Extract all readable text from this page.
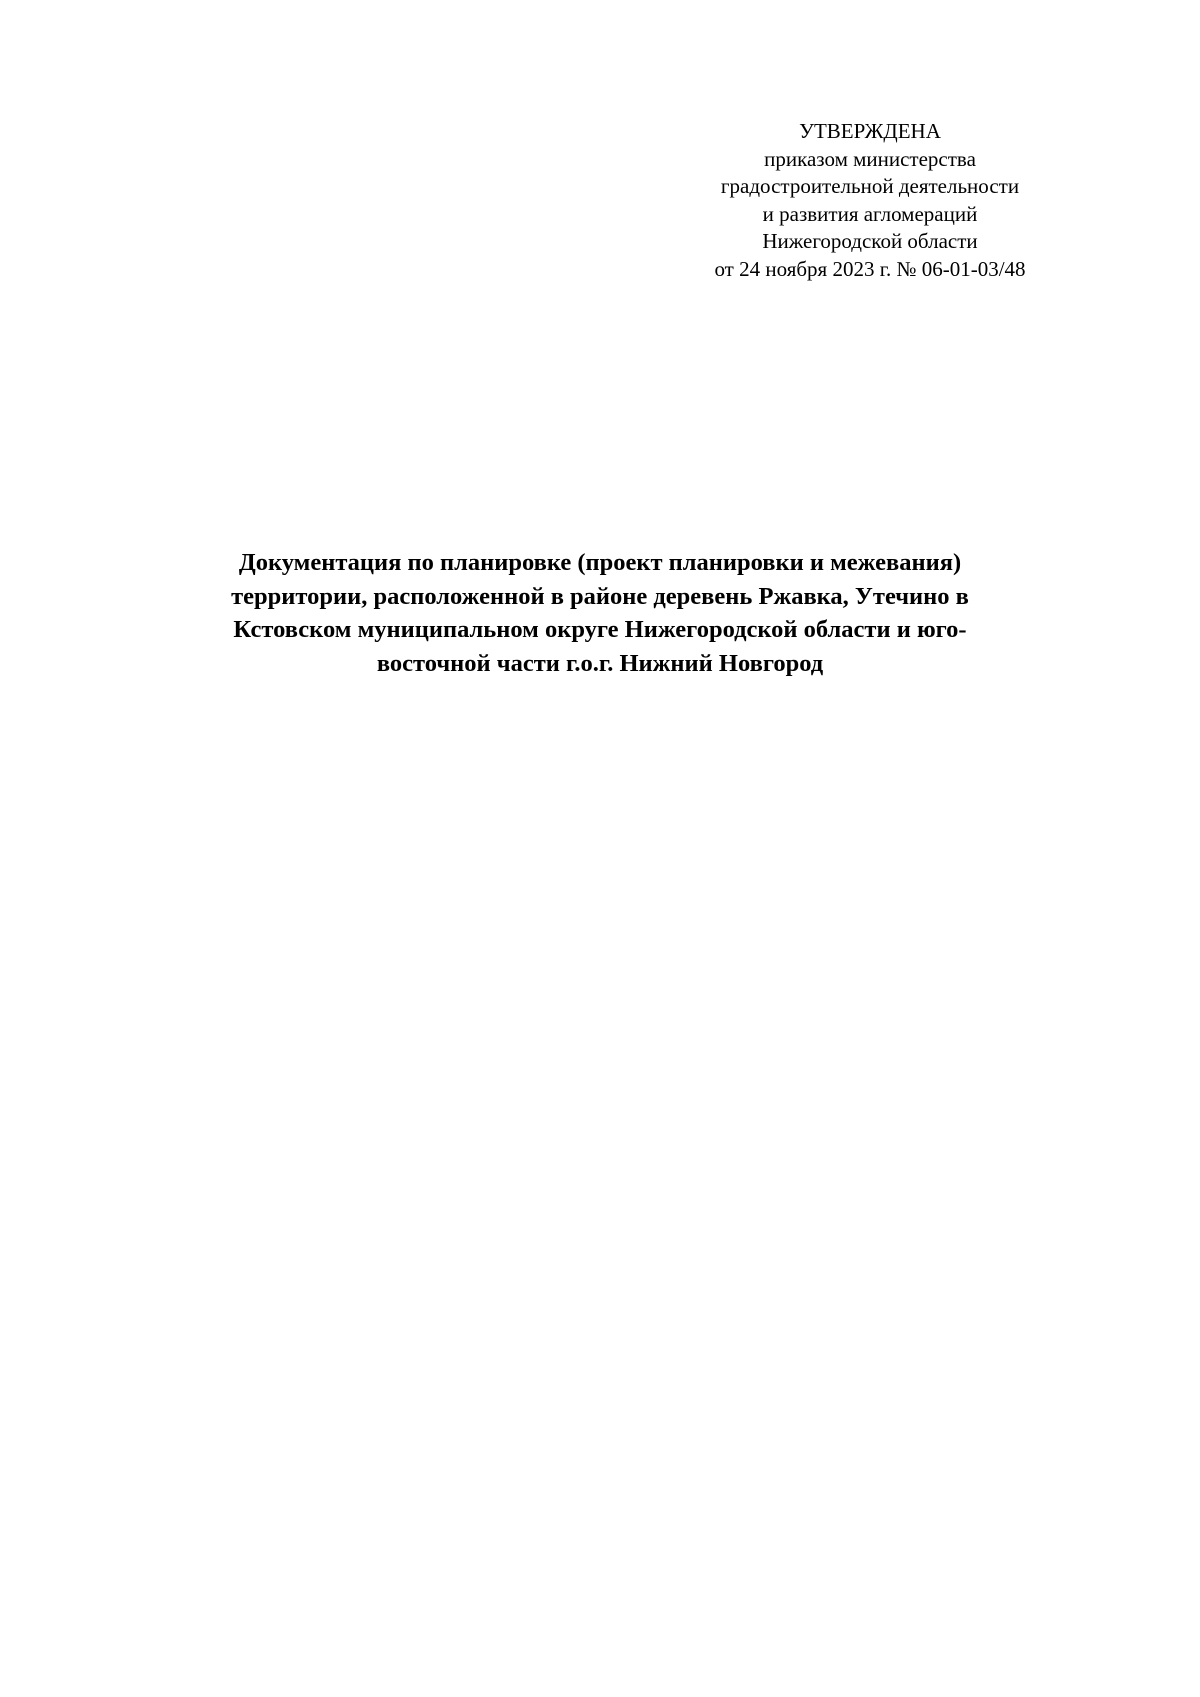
УТВЕРЖДЕНА
приказом министерства
градостроительной деятельности
и развития агломераций
Нижегородской области
от 24 ноября 2023 г. № 06-01-03/48
Документация по планировке (проект планировки и межевания)
территории, расположенной в районе деревень Ржавка, Утечино в
Кстовском муниципальном округе Нижегородской области и юго-
восточной части г.о.г. Нижний Новгород
